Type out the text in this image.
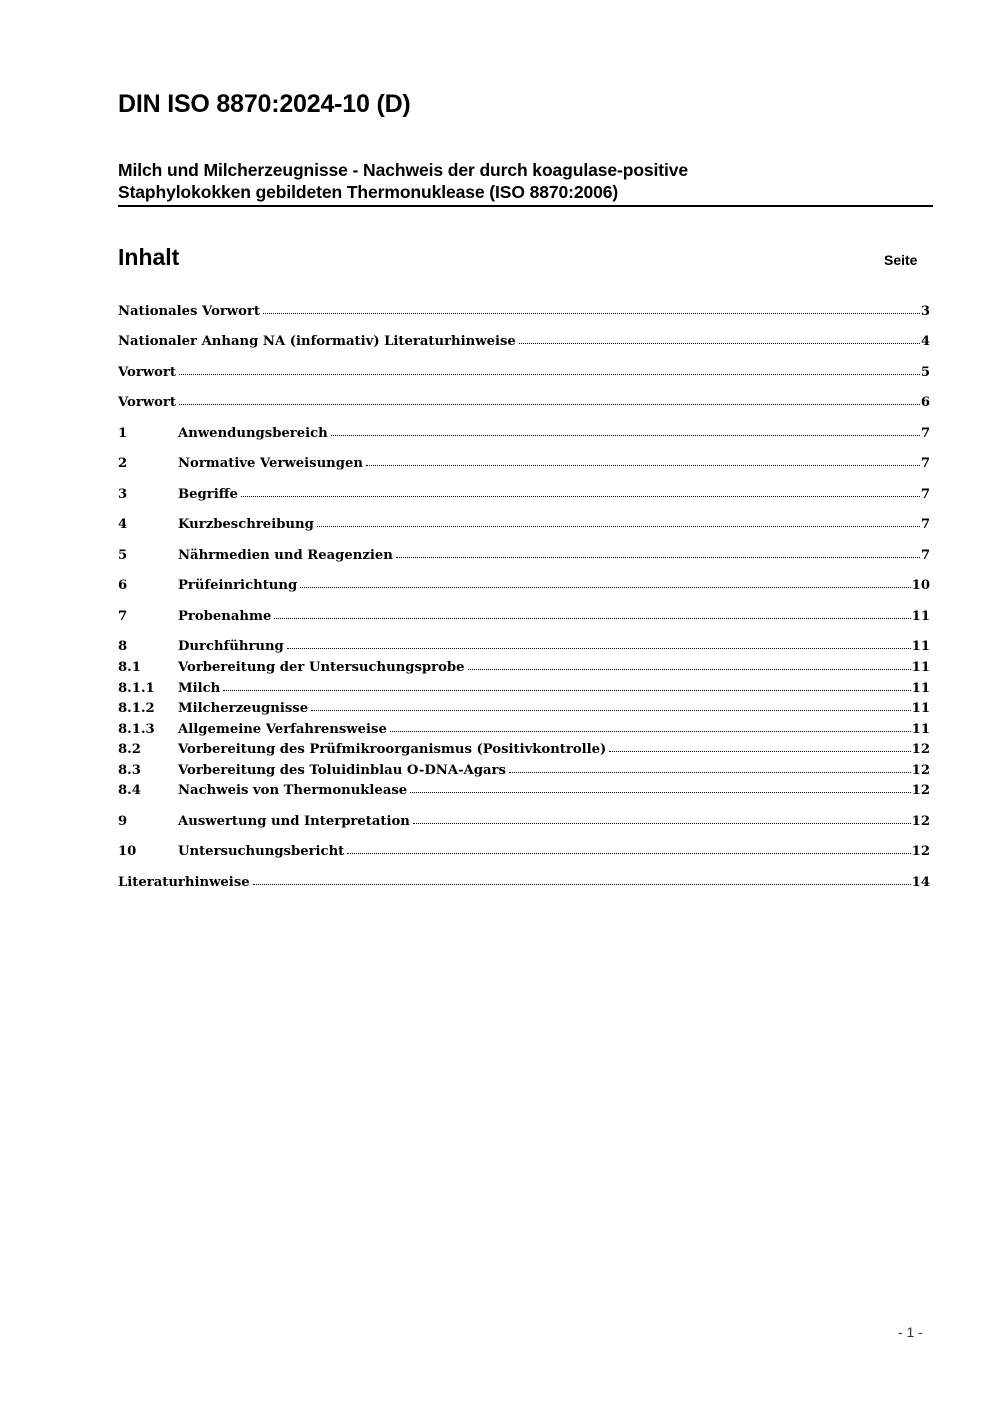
DIN ISO 8870:2024-10 (D)
Milch und Milcherzeugnisse - Nachweis der durch koagulase-positive
Staphylokokken gebildeten Thermonuklease (ISO 8870:2006)
Inhalt	Seite
Nationales Vorwort	3
Nationaler Anhang NA (informativ) Literaturhinweise	4
Vorwort	5
Vorwort	6
1	Anwendungsbereich	7
2	Normative Verweisungen	7
3	Begriffe	7
4	Kurzbeschreibung	7
5	Nährmedien und Reagenzien	7
6	Prüfeinrichtung	10
7	Probenahme	11
8	Durchführung	11
8.1	Vorbereitung der Untersuchungsprobe	11
8.1.1	Milch	11
8.1.2	Milcherzeugnisse	11
8.1.3	Allgemeine Verfahrensweise	11
8.2	Vorbereitung des Prüfmikroorganismus (Positivkontrolle)	12
8.3	Vorbereitung des Toluidinblau O-DNA-Agars	12
8.4	Nachweis von Thermonuklease	12
9	Auswertung und Interpretation	12
10	Untersuchungsbericht	12
Literaturhinweise	14
- 1 -
